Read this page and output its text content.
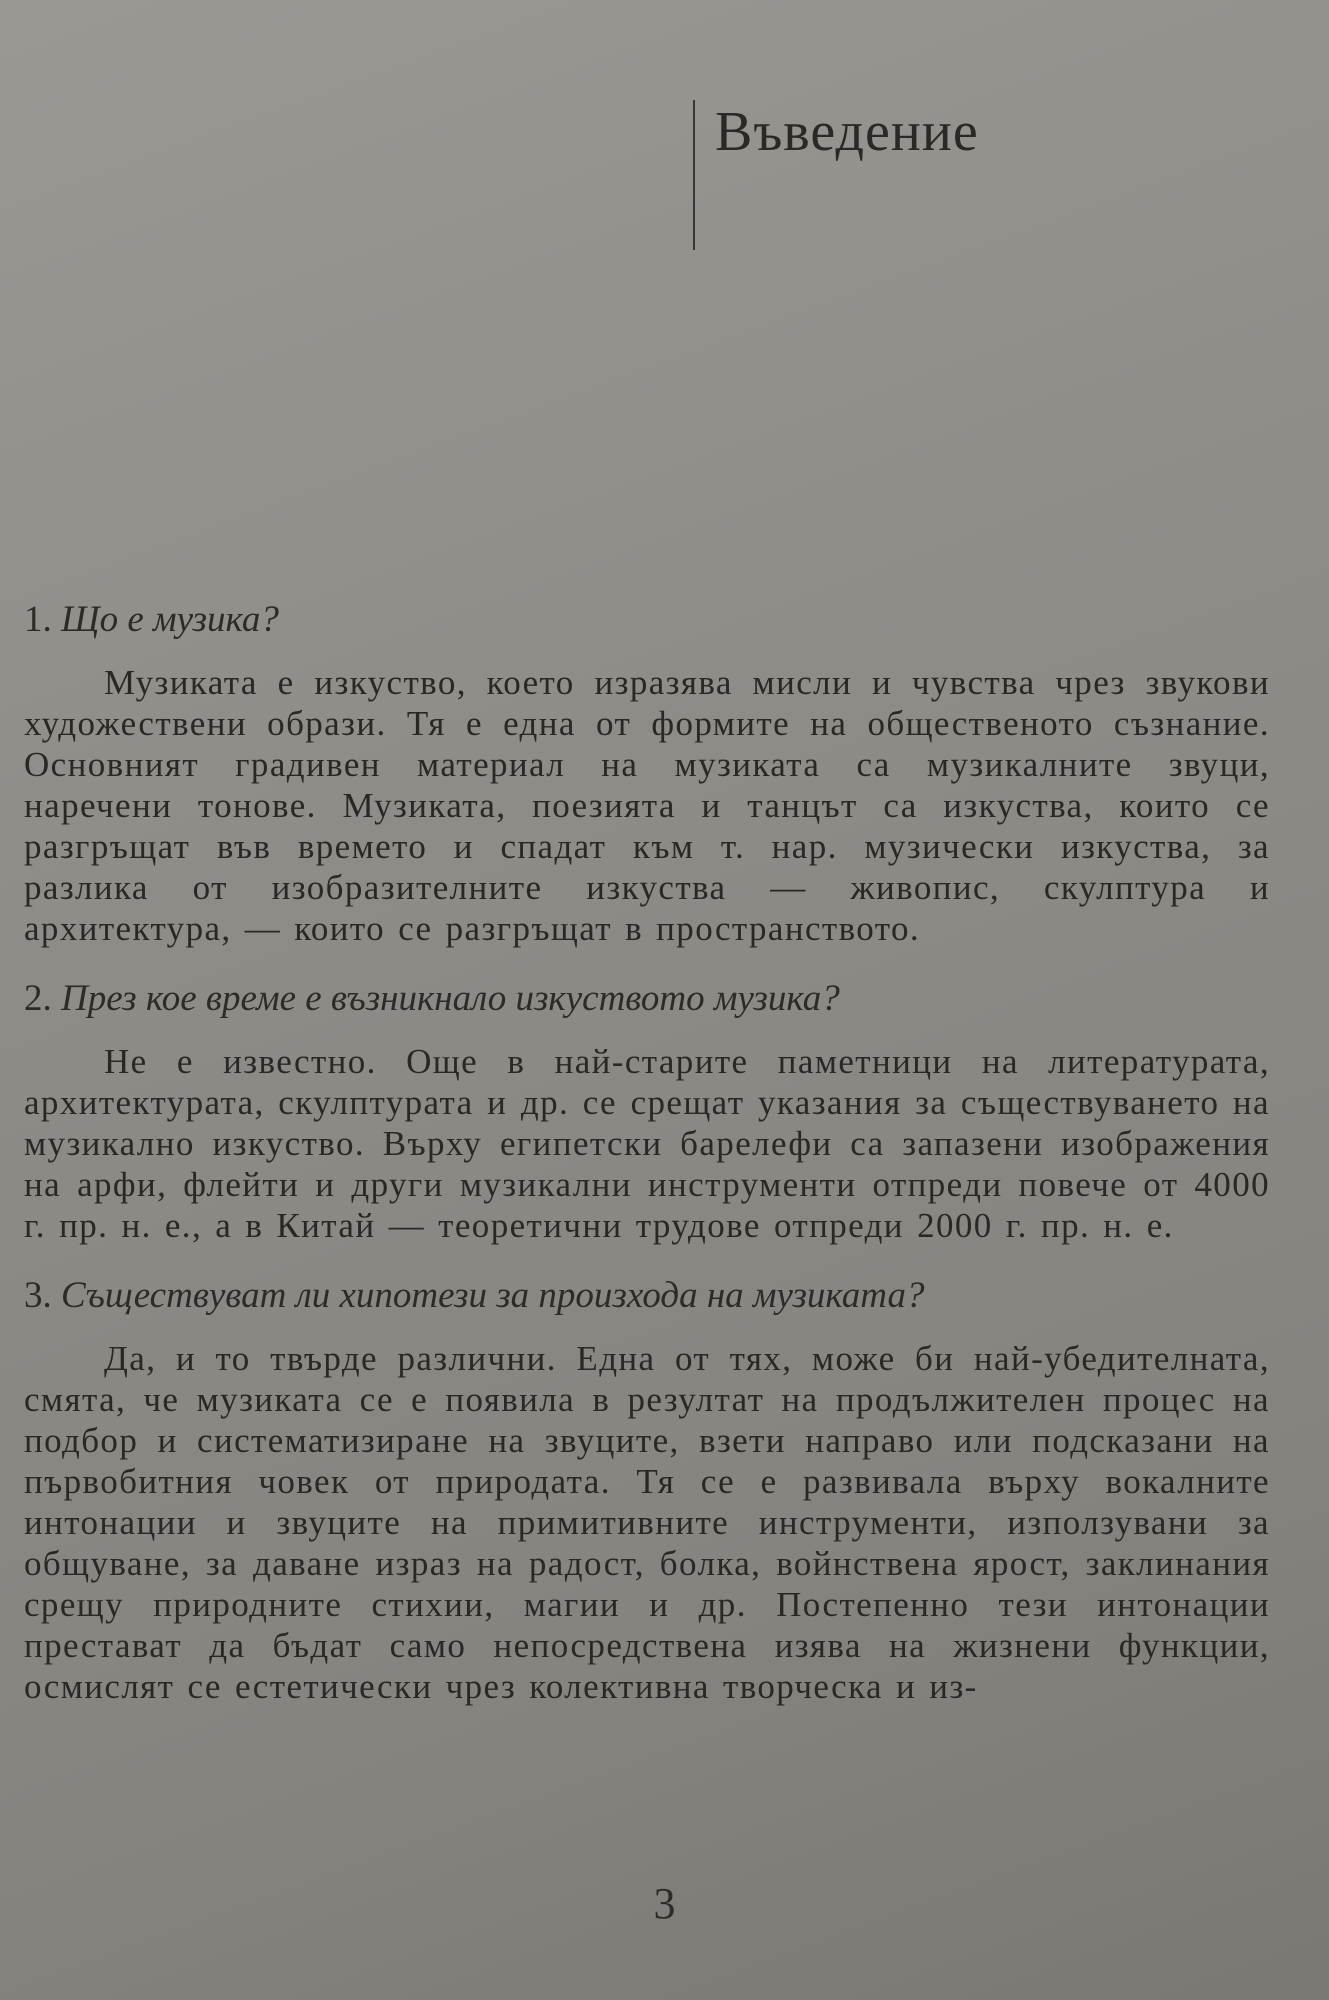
Въведение

1. Що е музика?

Музиката е изкуство, което изразява мисли и чувства чрез звукови художествени образи. Тя е една от формите на общественото съзнание. Основният градивен материал на музиката са музикалните звуци, наречени тонове. Музиката, поезията и танцът са изкуства, които се разгръщат във времето и спадат към т. нар. музически изкуства, за разлика от изобразителните изкуства — живопис, скулптура и архитектура, — които се разгръщат в пространството.

2. През кое време е възникнало изкуството музика?

Не е известно. Още в най-старите паметници на литературата, архитектурата, скулптурата и др. се срещат указания за съществуването на музикално изкуство. Върху египетски барелефи са запазени изображения на арфи, флейти и други музикални инструменти отпреди повече от 4000 г. пр. н. е., а в Китай — теоретични трудове отпреди 2000 г. пр. н. е.

3. Съществуват ли хипотези за произхода на музиката?

Да, и то твърде различни. Една от тях, може би най-убедителната, смята, че музиката се е появила в резултат на продължителен процес на подбор и систематизиране на звуците, взети направо или подсказани на първобитния човек от природата. Тя се е развивала върху вокалните интонации и звуците на примитивните инструменти, използувани за общуване, за даване израз на радост, болка, войнствена ярост, заклинания срещу природните стихии, магии и др. Постепенно тези интонации престават да бъдат само непосредствена изява на жизнени функции, осмислят се естетически чрез колективна творческа и из-

3
